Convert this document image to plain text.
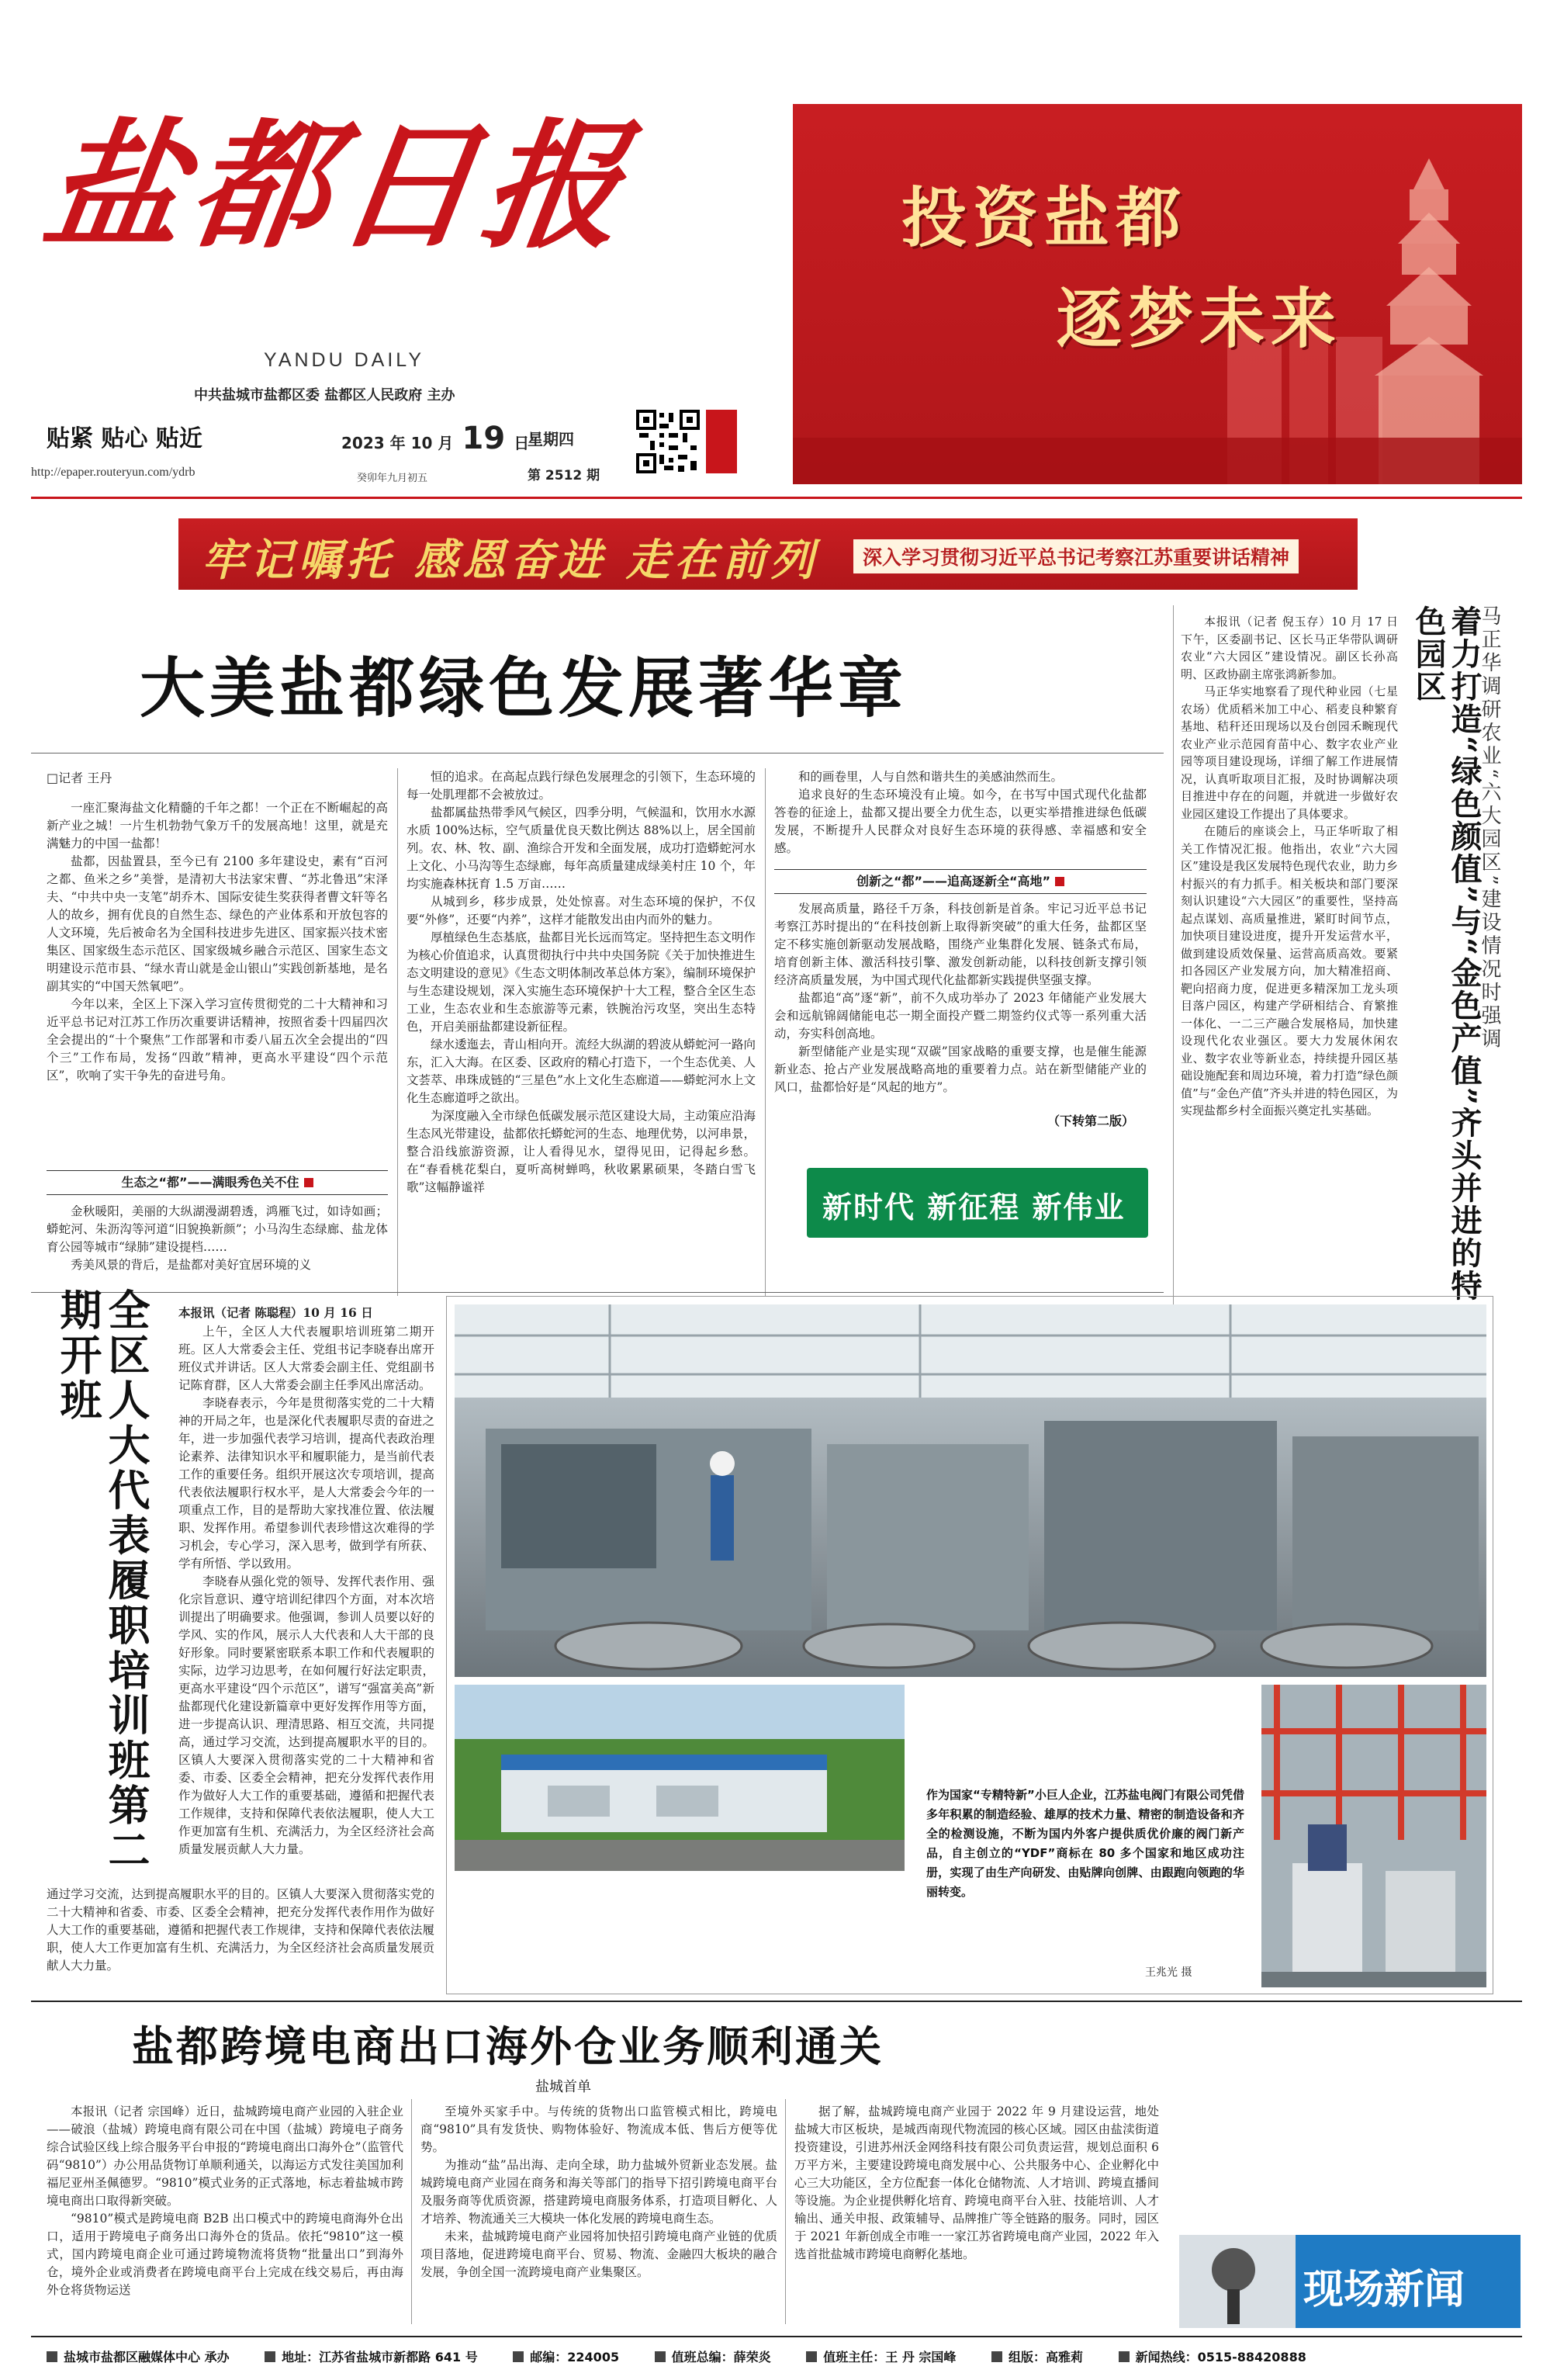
盐都日报
YANDU DAILY
中共盐城市盐都区委 盐都区人民政府 主办
贴紧 贴心 贴近
http://epaper.routeryun.com/ydrb
2023 年 10 月 19 日
癸卯年九月初五
星期四
第 2512 期
投资盐都
逐梦未来
牢记嘱托 感恩奋进 走在前列	深入学习贯彻习近平总书记考察江苏重要讲话精神
大美盐都绿色发展著华章
□记者 王丹

一座汇聚海盐文化精髓的千年之都！一个正在不断崛起的高新产业之城！一片生机勃勃气象万千的发展高地！这里，就是充满魅力的中国一盐都！

盐都，因盐置县，至今已有 2100 多年建设史，素有“百河之都、鱼米之乡”美誉，是清初大书法家宋曹、“苏北鲁迅”宋泽夫、“中共中央一支笔”胡乔木、国际安徒生奖获得者曹文轩等名人的故乡，拥有优良的自然生态、绿色的产业体系和开放包容的人文环境，先后被命名为全国科技进步先进区、国家振兴技术密集区、国家级生态示范区、国家级城乡融合示范区、国家生态文明建设示范市县、“绿水青山就是金山银山”实践创新基地，是名副其实的“中国天然氧吧”。

今年以来，全区上下深入学习宣传贯彻党的二十大精神和习近平总书记对江苏工作历次重要讲话精神，按照省委十四届四次全会提出的“十个聚焦”工作部署和市委八届五次全会提出的“四个三”工作布局，发扬“四敢”精神，更高水平建设“四个示范区”，吹响了实干争先的奋进号角。

生态之“都”——满眼秀色关不住

金秋暖阳，美丽的大纵湖漫湖碧透，鸿雁飞过，如诗如画；蟒蛇河、朱沥沟等河道“旧貌换新颜”；小马沟生态绿廊、盐龙体育公园等城市“绿肺”建设提档……

秀美风景的背后，是盐都对美好宜居环境的义

恒的追求。在高起点践行绿色发展理念的引领下，生态环境的每一处肌理都不会被放过。

盐都属盐热带季风气候区，四季分明，气候温和，饮用水水源水质 100%达标，空气质量优良天数比例达 88%以上，居全国前列。农、林、牧、副、渔综合开发和全面发展，成功打造蟒蛇河水上文化、小马沟等生态绿廊，每年高质量建成绿美村庄 10 个，年均实施森林抚育 1.5 万亩……

从城到乡，移步成景，处处惊喜。对生态环境的保护，不仅要“外修”，还要“内养”，这样才能散发出由内而外的魅力。

厚植绿色生态基底，盐都目光长远而笃定。坚持把生态文明作为核心价值追求，认真贯彻执行中共中央国务院《关于加快推进生态文明建设的意见》《生态文明体制改革总体方案》，编制环境保护与生态建设规划，深入实施生态环境保护十大工程，整合全区生态工业，生态农业和生态旅游等元素，铁腕治污攻坚，突出生态特色，开启美丽盐都建设新征程。

绿水逶迤去，青山相向开。流经大纵湖的碧波从蟒蛇河一路向东，汇入大海。在区委、区政府的精心打造下，一个生态优美、人文荟萃、串珠成链的“三星色”水上文化生态廊道——蟒蛇河水上文化生态廊道呼之欲出。

为深度融入全市绿色低碳发展示范区建设大局，主动策应沿海生态风光带建设，盐都依托蟒蛇河的生态、地理优势，以河串景，整合沿线旅游资源，让人看得见水，望得见田，记得起乡愁。在“春看桃花梨白，夏听高树蝉鸣，秋收累累硕果，冬踏白雪飞歌”这幅静谧祥

和的画卷里，人与自然和谐共生的美感油然而生。

追求良好的生态环境没有止境。如今，在书写中国式现代化盐都答卷的征途上，盐都又提出要全力优生态，以更实举措推进绿色低碳发展，不断提升人民群众对良好生态环境的获得感、幸福感和安全感。

创新之“都”——追高逐新全“高地”

发展高质量，路径千万条，科技创新是首条。牢记习近平总书记考察江苏时提出的“在科技创新上取得新突破”的重大任务，盐都区坚定不移实施创新驱动发展战略，围绕产业集群化发展、链条式布局，培育创新主体、激活科技引擎、激发创新动能，以科技创新支撑引领经济高质量发展，为中国式现代化盐都新实践提供坚强支撑。

盐都追“高”逐“新”，前不久成功举办了 2023 年储能产业发展大会和远航锦阔储能电芯一期全面投产暨二期签约仪式等一系列重大活动，夯实科创高地。

新型储能产业是实现“双碳”国家战略的重要支撑，也是催生能源新业态、抢占产业发展战略高地的重要着力点。站在新型储能产业的风口，盐都恰好是“风起的地方”。

（下转第二版）
新时代 新征程 新伟业

本报讯（记者 倪玉存）10 月 17 日下午，区委副书记、区长马正华带队调研农业“六大园区”建设情况。副区长孙高明、区政协副主席张鸿新参加。

马正华实地察看了现代种业园（七星农场）优质稻米加工中心、稻麦良种繁育基地、秸秆还田现场以及台创园禾畹现代农业产业示范园育苗中心、数字农业产业园等项目建设现场，详细了解工作进展情况，认真听取项目汇报，及时协调解决项目推进中存在的问题，并就进一步做好农业园区建设工作提出了具体要求。

在随后的座谈会上，马正华听取了相关工作情况汇报。他指出，农业“六大园区”建设是我区发展特色现代农业，助力乡村振兴的有力抓手。相关板块和部门要深刻认识建设“六大园区”的重要性，坚持高起点谋划、高质量推进，紧盯时间节点，加快项目建设进度，提升开发运营水平，做到建设质效保量、运营高质高效。要紧扣各园区产业发展方向，加大精准招商、靶向招商力度，促进更多精深加工龙头项目落户园区，构建产学研相结合、育繁推一体化、一二三产融合发展格局，加快建设现代化农业强区。要大力发展休闲农业、数字农业等新业态，持续提升园区基础设施配套和周边环境，着力打造“绿色颜值”与“金色产值”齐头并进的特色园区，为实现盐都乡村全面振兴奠定扎实基础。

马正华调研农业“六大园区”建设情况时强调
着力打造“绿色颜值”与“金色产值”齐头并进的特色园区
全区人大代表履职培训班第二期开班	本报讯（记者 陈聪程）10 月 16 日

上午，全区人大代表履职培训班第二期开班。区人大常委会主任、党组书记李晓春出席开班仪式并讲话。区人大常委会副主任、党组副书记陈育群，区人大常委会副主任季风出席活动。

李晓春表示，今年是贯彻落实党的二十大精神的开局之年，也是深化代表履职尽责的奋进之年，进一步加强代表学习培训，提高代表政治理论素养、法律知识水平和履职能力，是当前代表工作的重要任务。组织开展这次专项培训，提高代表依法履职行权水平，是人大常委会今年的一项重点工作，目的是帮助大家找准位置、依法履职、发挥作用。希望参训代表珍惜这次难得的学习机会，专心学习，深入思考，做到学有所获、学有所悟、学以致用。

李晓春从强化党的领导、发挥代表作用、强化宗旨意识、遵守培训纪律四个方面，对本次培训提出了明确要求。他强调，参训人员要以好的学风、实的作风，展示人大代表和人大干部的良好形象。同时要紧密联系本职工作和代表履职的实际，边学习边思考，在如何履行好法定职责，更高水平建设“四个示范区”，谱写“强富美高”新盐都现代化建设新篇章中更好发挥作用等方面，进一步提高认识、理清思路、相互交流，共同提高，通过学习交流，达到提高履职水平的目的。区镇人大要深入贯彻落实党的二十大精神和省委、市委、区委全会精神，把充分发挥代表作用作为做好人大工作的重要基础，遵循和把握代表工作规律，支持和保障代表依法履职，使人大工作更加富有生机、充满活力，为全区经济社会高质量发展贡献人大力量。

通过学习交流，达到提高履职水平的目的。区镇人大要深入贯彻落实党的二十大精神和省委、市委、区委全会精神，把充分发挥代表作用作为做好人大工作的重要基础，遵循和把握代表工作规律，支持和保障代表依法履职，使人大工作更加富有生机、充满活力，为全区经济社会高质量发展贡献人大力量。

作为国家“专精特新”小巨人企业，江苏盐电阀门有限公司凭借多年积累的制造经验、雄厚的技术力量、精密的制造设备和齐全的检测设施，不断为国内外客户提供质优价廉的阀门新产品，自主创立的“YDF”商标在 80 多个国家和地区成功注册，实现了由生产向研发、由贴牌向创牌、由跟跑向领跑的华丽转变。
王兆光 摄
盐都跨境电商出口海外仓业务顺利通关
盐城首单

本报讯（记者 宗国峰）近日，盐城跨境电商产业园的入驻企业——破浪（盐城）跨境电商有限公司在中国（盐城）跨境电子商务综合试验区线上综合服务平台申报的“跨境电商出口海外仓”（监管代码“9810”）办公用品货物订单顺利通关，以海运方式发往美国加利福尼亚州圣佩德罗。“9810”模式业务的正式落地，标志着盐城市跨境电商出口取得新突破。

“9810”模式是跨境电商 B2B 出口模式中的跨境电商海外仓出口，适用于跨境电子商务出口海外仓的货品。依托“9810”这一模式，国内跨境电商企业可通过跨境物流将货物“批量出口”到海外仓，境外企业或消费者在跨境电商平台上完成在线交易后，再由海外仓将货物运送

至境外买家手中。与传统的货物出口监管模式相比，跨境电商“9810”具有发货快、购物体验好、物流成本低、售后方便等优势。

为推动“盐”品出海、走向全球，助力盐城外贸新业态发展。盐城跨境电商产业园在商务和海关等部门的指导下招引跨境电商平台及服务商等优质资源，搭建跨境电商服务体系，打造项目孵化、人才培养、物流通关三大模块一体化发展的跨境电商生态。

未来，盐城跨境电商产业园将加快招引跨境电商产业链的优质项目落地，促进跨境电商平台、贸易、物流、金融四大板块的融合发展，争创全国一流跨境电商产业集聚区。

据了解，盐城跨境电商产业园于 2022 年 9 月建设运营，地处盐城大市区板块，是城西南现代物流园的核心区域。园区由盐渎街道投资建设，引进苏州沃金网络科技有限公司负责运营，规划总面积 6 万平方米，主要建设跨境电商发展中心、公共服务中心、企业孵化中心三大功能区，全方位配套一体化仓储物流、人才培训、跨境直播间等设施。为企业提供孵化培育、跨境电商平台入驻、技能培训、人才输出、通关申报、政策辅导、品牌推广等全链路的服务。同时，园区于 2021 年新创成全市唯一一家江苏省跨境电商产业园，2022 年入选首批盐城市跨境电商孵化基地。

现场新闻
盐城市盐都区融媒体中心 承办
	地址：江苏省盐城市新都路 641 号
	邮编：224005
	值班总编：薛荣炎
	值班主任：王 丹 宗国峰
	组版：高雅莉
	新闻热线：0515-88420888
